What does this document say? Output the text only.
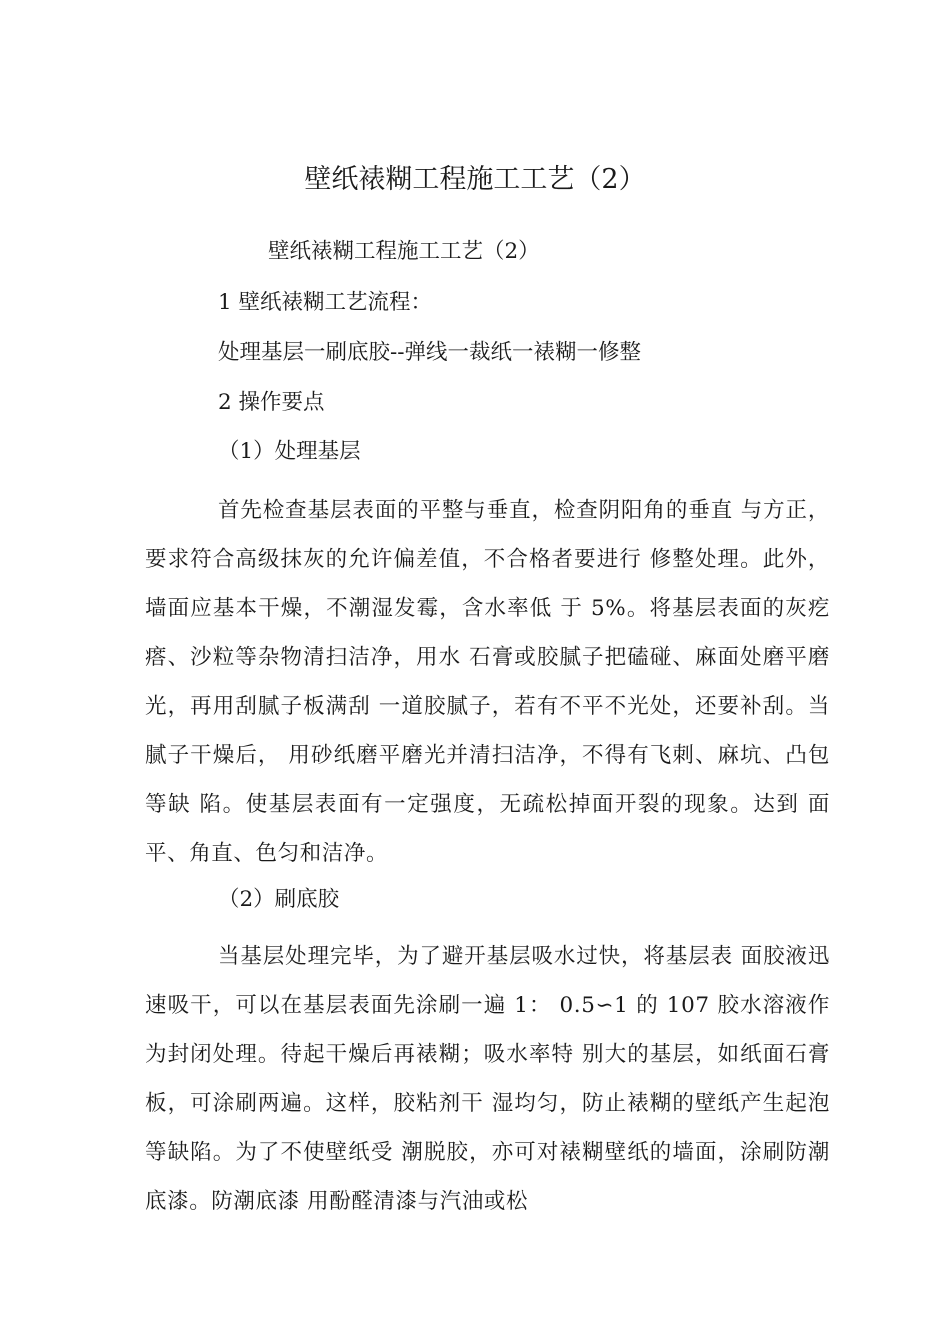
壁纸裱糊工程施工工艺（2）
壁纸裱糊工程施工工艺（2）
1 壁纸裱糊工艺流程：
处理基层一刷底胶--弹线一裁纸一裱糊一修整
2 操作要点
（1）处理基层

首先检查基层表面的平整与垂直，检查阴阳角的垂直 与方正，要求符合高级抹灰的允许偏差值，不合格者要进行 修整处理。此外，墙面应基本干燥，不潮湿发霉，含水率低 于 5%。将基层表面的灰疙瘩、沙粒等杂物清扫洁净，用水 石膏或胶腻子把磕碰、麻面处磨平磨光，再用刮腻子板满刮 一道胶腻子，若有不平不光处，还要补刮。当腻子干燥后， 用砂纸磨平磨光并清扫洁净，不得有飞刺、麻坑、凸包等缺 陷。使基层表面有一定强度，无疏松掉面开裂的现象。达到 面平、角直、色匀和洁净。

（2）刷底胶

当基层处理完毕，为了避开基层吸水过快，将基层表 面胶液迅速吸干，可以在基层表面先涂刷一遍 1： 0.5∽1 的 107 胶水溶液作为封闭处理。待起干燥后再裱糊；吸水率特 别大的基层，如纸面石膏板，可涂刷两遍。这样，胶粘剂干 湿均匀，防止裱糊的壁纸产生起泡等缺陷。为了不使壁纸受 潮脱胶，亦可对裱糊壁纸的墙面，涂刷防潮底漆。防潮底漆 用酚醛清漆与汽油或松
